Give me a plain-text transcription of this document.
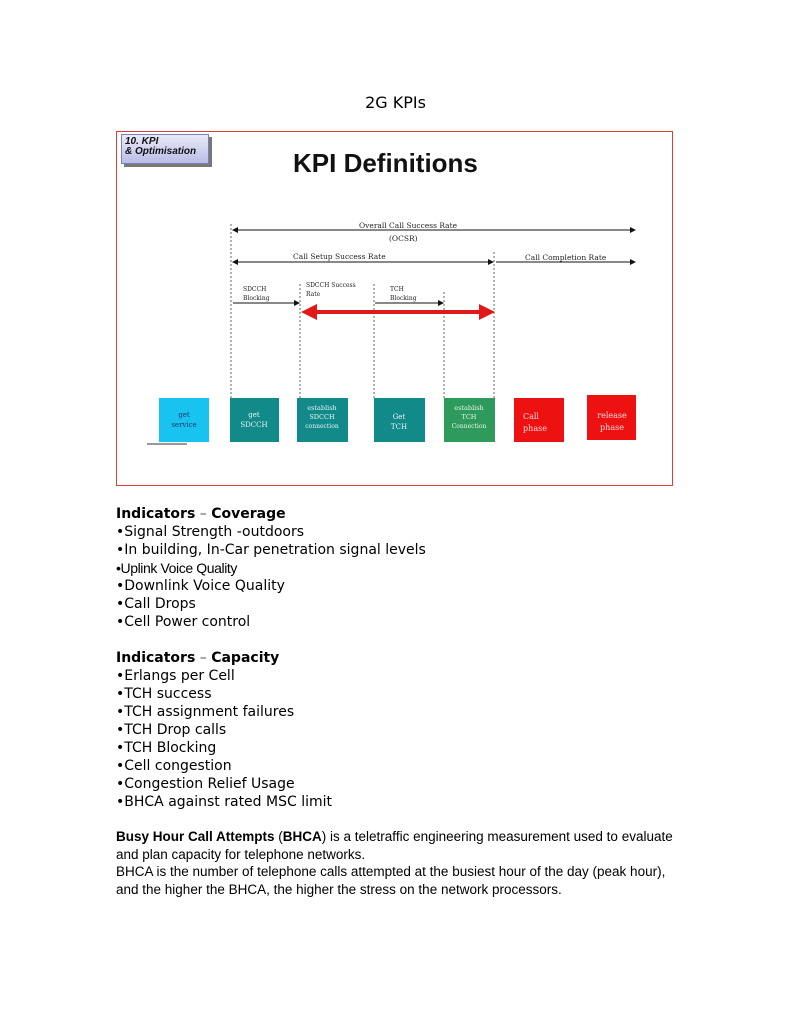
2G KPIs
10. KPI
& Optimisation	KPI Definitions
Overall Call Success Rate
(OCSR)
Call Setup Success Rate	Call Completion Rate
SDCCH
Blocking
SDCCH Success
Rate
TCH
Blocking
get
service
get
SDCCH
establish
SDCCH
connection
Get
TCH
establish
TCH
Connection
Call
phase
release
phase
Indicators – Coverage
•Signal Strength -outdoors
•In building, In-Car penetration signal levels
•Uplink Voice Quality
•Downlink Voice Quality
•Call Drops
•Cell Power control
Indicators – Capacity
•Erlangs per Cell
•TCH success
•TCH assignment failures
•TCH Drop calls
•TCH Blocking
•Cell congestion
•Congestion Relief Usage
•BHCA against rated MSC limit
Busy Hour Call Attempts (BHCA) is a teletraffic engineering measurement used to evaluate and plan capacity for telephone networks.
BHCA is the number of telephone calls attempted at the busiest hour of the day (peak hour), and the higher the BHCA, the higher the stress on the network processors.
